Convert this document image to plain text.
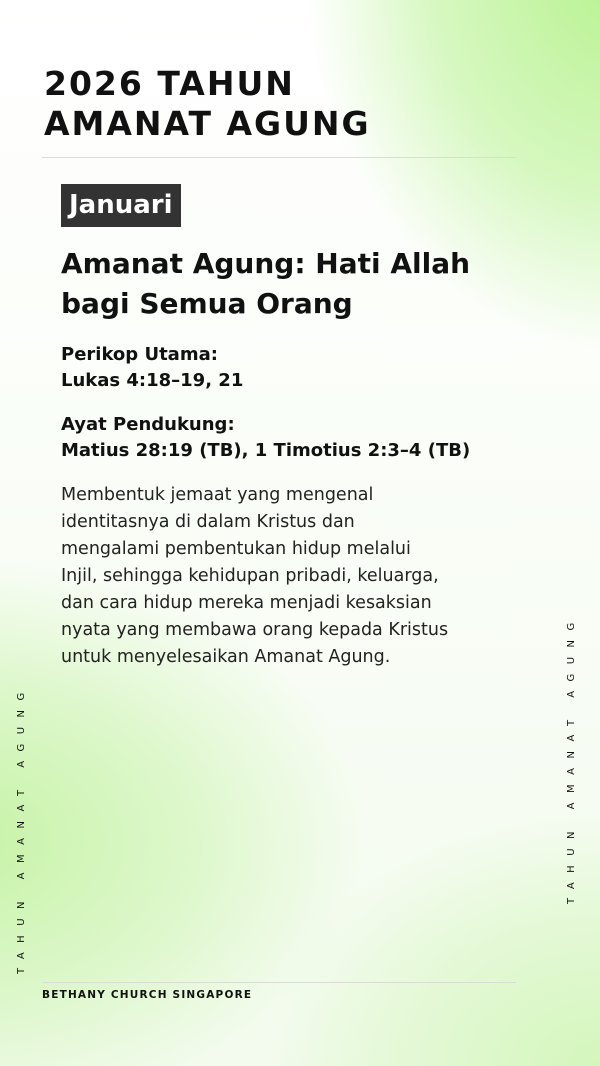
2026 TAHUN
AMANAT AGUNG
Januari
Amanat Agung: Hati Allah
bagi Semua Orang
Perikop Utama:
Lukas 4:18–19, 21
Ayat Pendukung:
Matius 28:19 (TB), 1 Timotius 2:3–4 (TB)
Membentuk jemaat yang mengenal
identitasnya di dalam Kristus dan
mengalami pembentukan hidup melalui
Injil, sehingga kehidupan pribadi, keluarga,
dan cara hidup mereka menjadi kesaksian
nyata yang membawa orang kepada Kristus
untuk menyelesaikan Amanat Agung.
TAHUN AMANAT AGUNG	TAHUN AMANAT AGUNG
BETHANY CHURCH SINGAPORE
